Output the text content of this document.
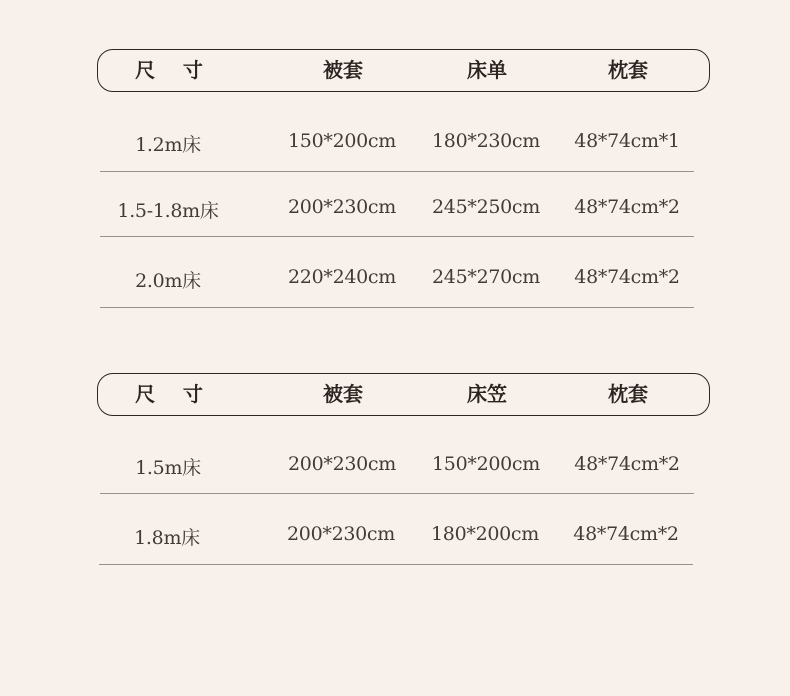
尺    寸	被套	床单	枕套
1.2m床	150*200cm	180*230cm	48*74cm*1
1.5-1.8m床	200*230cm	245*250cm	48*74cm*2
2.0m床	220*240cm	245*270cm	48*74cm*2
尺    寸	被套	床笠	枕套
1.5m床	200*230cm	150*200cm	48*74cm*2
1.8m床	200*230cm	180*200cm	48*74cm*2
